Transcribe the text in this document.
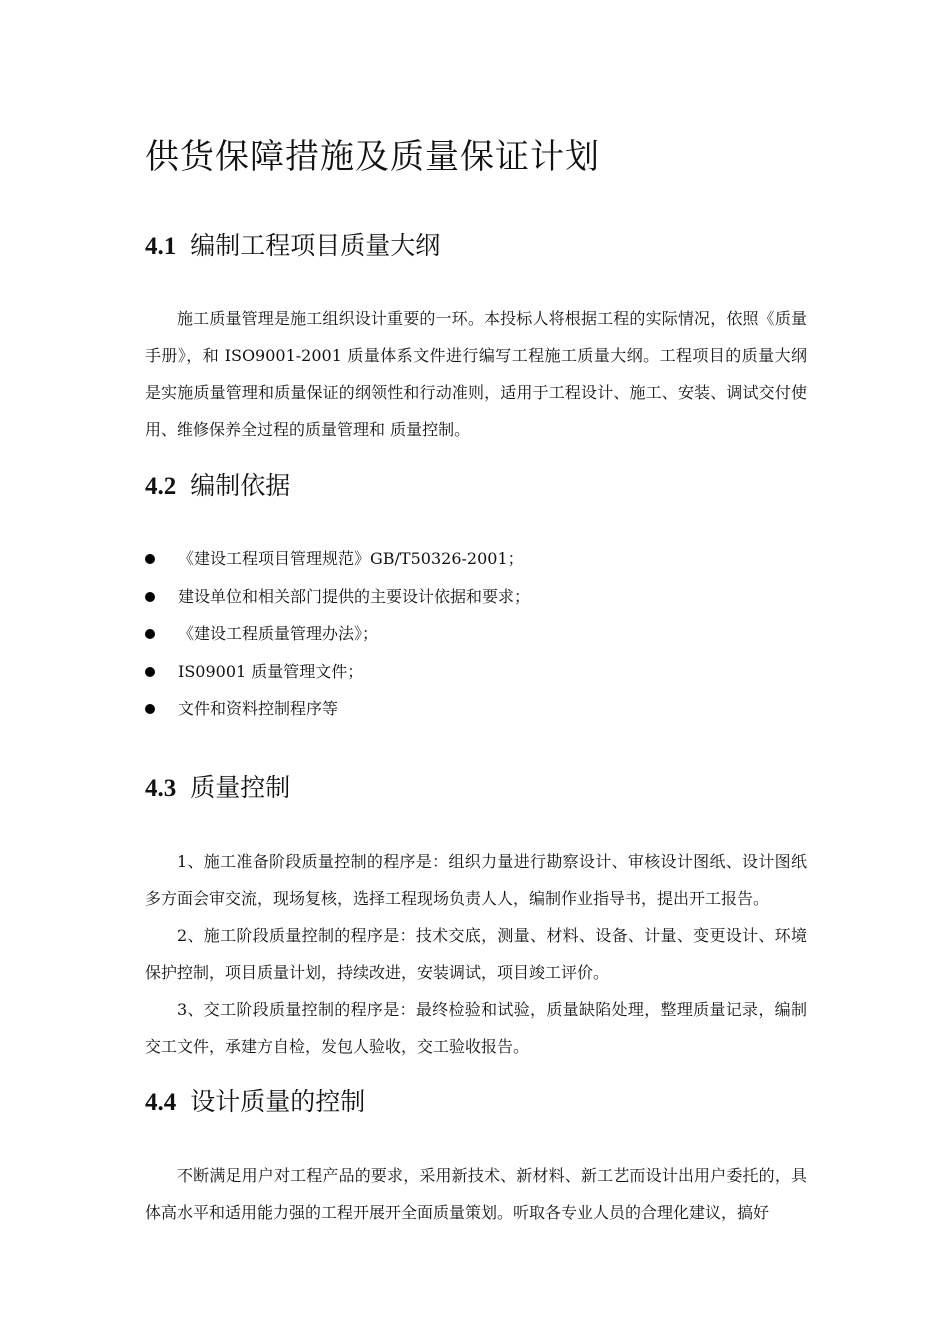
供货保障措施及质量保证计划
4.1 编制工程项目质量大纲

施工质量管理是施工组织设计重要的一环。本投标人将根据工程的实际情况，依照《质量手册》，和 ISO9001-2001 质量体系文件进行编写工程施工质量大纲。工程项目的质量大纲是实施质量管理和质量保证的纲领性和行动准则，适用于工程设计、施工、安装、调试交付使用、维修保养全过程的质量管理和 质量控制。

4.2 编制依据
《建设工程项目管理规范》GB/T50326-2001；
建设单位和相关部门提供的主要设计依据和要求；
《建设工程质量管理办法》；
IS09001 质量管理文件；
文件和资料控制程序等
4.3 质量控制

1、施工准备阶段质量控制的程序是：组织力量进行勘察设计、审核设计图纸、设计图纸多方面会审交流，现场复核，选择工程现场负责人人，编制作业指导书，提出开工报告。

2、施工阶段质量控制的程序是：技术交底，测量、材料、设备、计量、变更设计、环境保护控制，项目质量计划，持续改进，安装调试，项目竣工评价。

3、交工阶段质量控制的程序是：最终检验和试验，质量缺陷处理，整理质量记录，编制交工文件，承建方自检，发包人验收，交工验收报告。

4.4 设计质量的控制

不断满足用户对工程产品的要求，采用新技术、新材料、新工艺而设计出用户委托的，具体高水平和适用能力强的工程开展开全面质量策划。听取各专业人员的合理化建议，搞好
